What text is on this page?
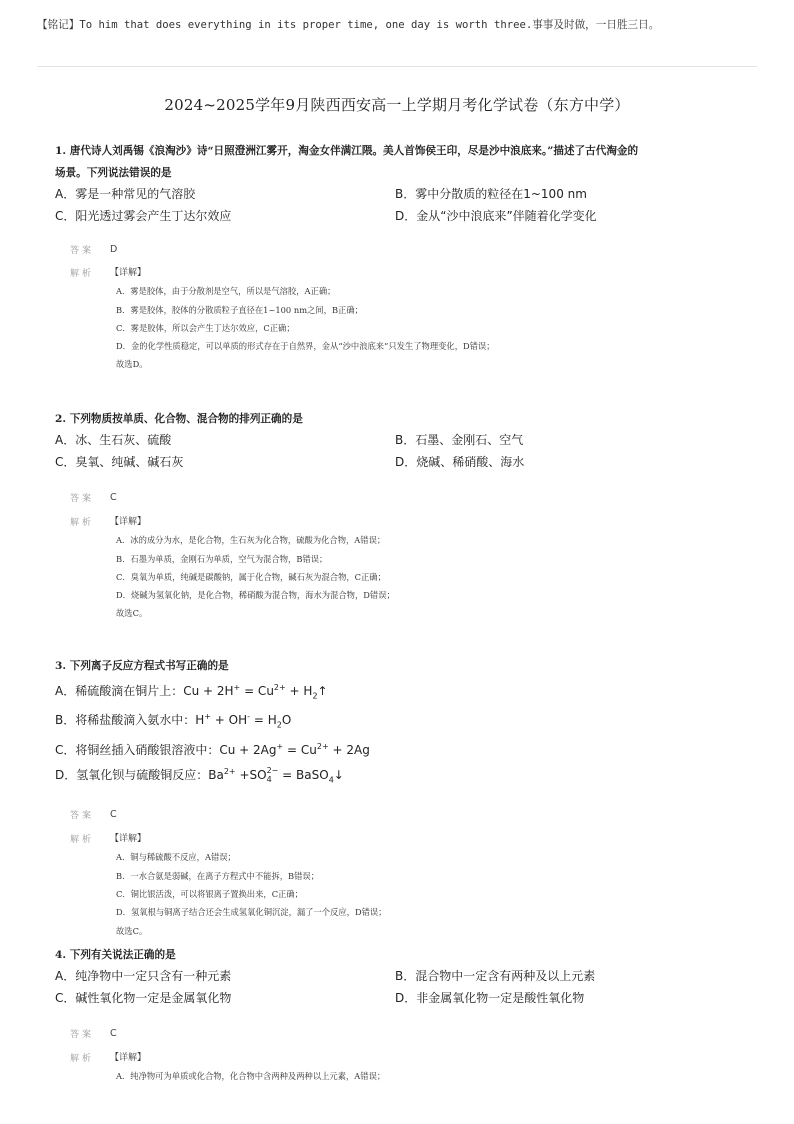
【铭记】To him that does everything in its proper time, one day is worth three.事事及时做，一日胜三日。
2024~2025学年9月陕西西安高一上学期月考化学试卷（东方中学）
1. 唐代诗人刘禹锡《浪淘沙》诗“日照澄洲江雾开，淘金女伴满江隈。美人首饰侯王印，尽是沙中浪底来。”描述了古代淘金的
场景。下列说法错误的是
A．雾是一种常见的气溶胶	B．雾中分散质的粒径在1~100 nm
C．阳光透过雾会产生丁达尔效应	D．金从“沙中浪底来”伴随着化学变化
答案	D
解析	【详解】
A．雾是胶体，由于分散剂是空气，所以是气溶胶，A正确；
B．雾是胶体，胶体的分散质粒子直径在1~100 nm之间，B正确；
C．雾是胶体，所以会产生丁达尔效应，C正确；
D．金的化学性质稳定，可以单质的形式存在于自然界，金从“沙中浪底来”只发生了物理变化，D错误；
故选D。
2. 下列物质按单质、化合物、混合物的排列正确的是
A．冰、生石灰、硫酸	B．石墨、金刚石、空气
C．臭氧、纯碱、碱石灰	D．烧碱、稀硝酸、海水
答案	C
解析	【详解】
A．冰的成分为水，是化合物，生石灰为化合物，硫酸为化合物，A错误；
B．石墨为单质，金刚石为单质，空气为混合物，B错误；
C．臭氧为单质，纯碱是碳酸钠，属于化合物，碱石灰为混合物，C正确；
D．烧碱为氢氧化钠，是化合物，稀硝酸为混合物，海水为混合物，D错误；
故选C。
3. 下列离子反应方程式书写正确的是
A．稀硫酸滴在铜片上：$Cu + 2H^+ = Cu^{2+}$ + $H_2↑$
B．将稀盐酸滴入氨水中：$H^+ + OH^- = H_2O$
C．将铜丝插入硝酸银溶液中：$Cu + 2Ag^+ = Cu^{2+} + 2Ag$
D．氢氧化钡与硫酸铜反应：$Ba^{2+} +SO$ 2−
4 = BaSO$_4$↓
答案	C
解析	【详解】
A．铜与稀硫酸不反应，A错误；
B．一水合氨是弱碱，在离子方程式中不能拆，B错误；
C．铜比银活泼，可以将银离子置换出来，C正确；
D．氢氧根与铜离子结合还会生成氢氧化铜沉淀，漏了一个反应，D错误；
故选C。
4. 下列有关说法正确的是
A．纯净物中一定只含有一种元素	B．混合物中一定含有两种及以上元素
C．碱性氧化物一定是金属氧化物	D．非金属氧化物一定是酸性氧化物
答案	C
解析	【详解】
A．纯净物可为单质或化合物，化合物中含两种及两种以上元素，A错误；
